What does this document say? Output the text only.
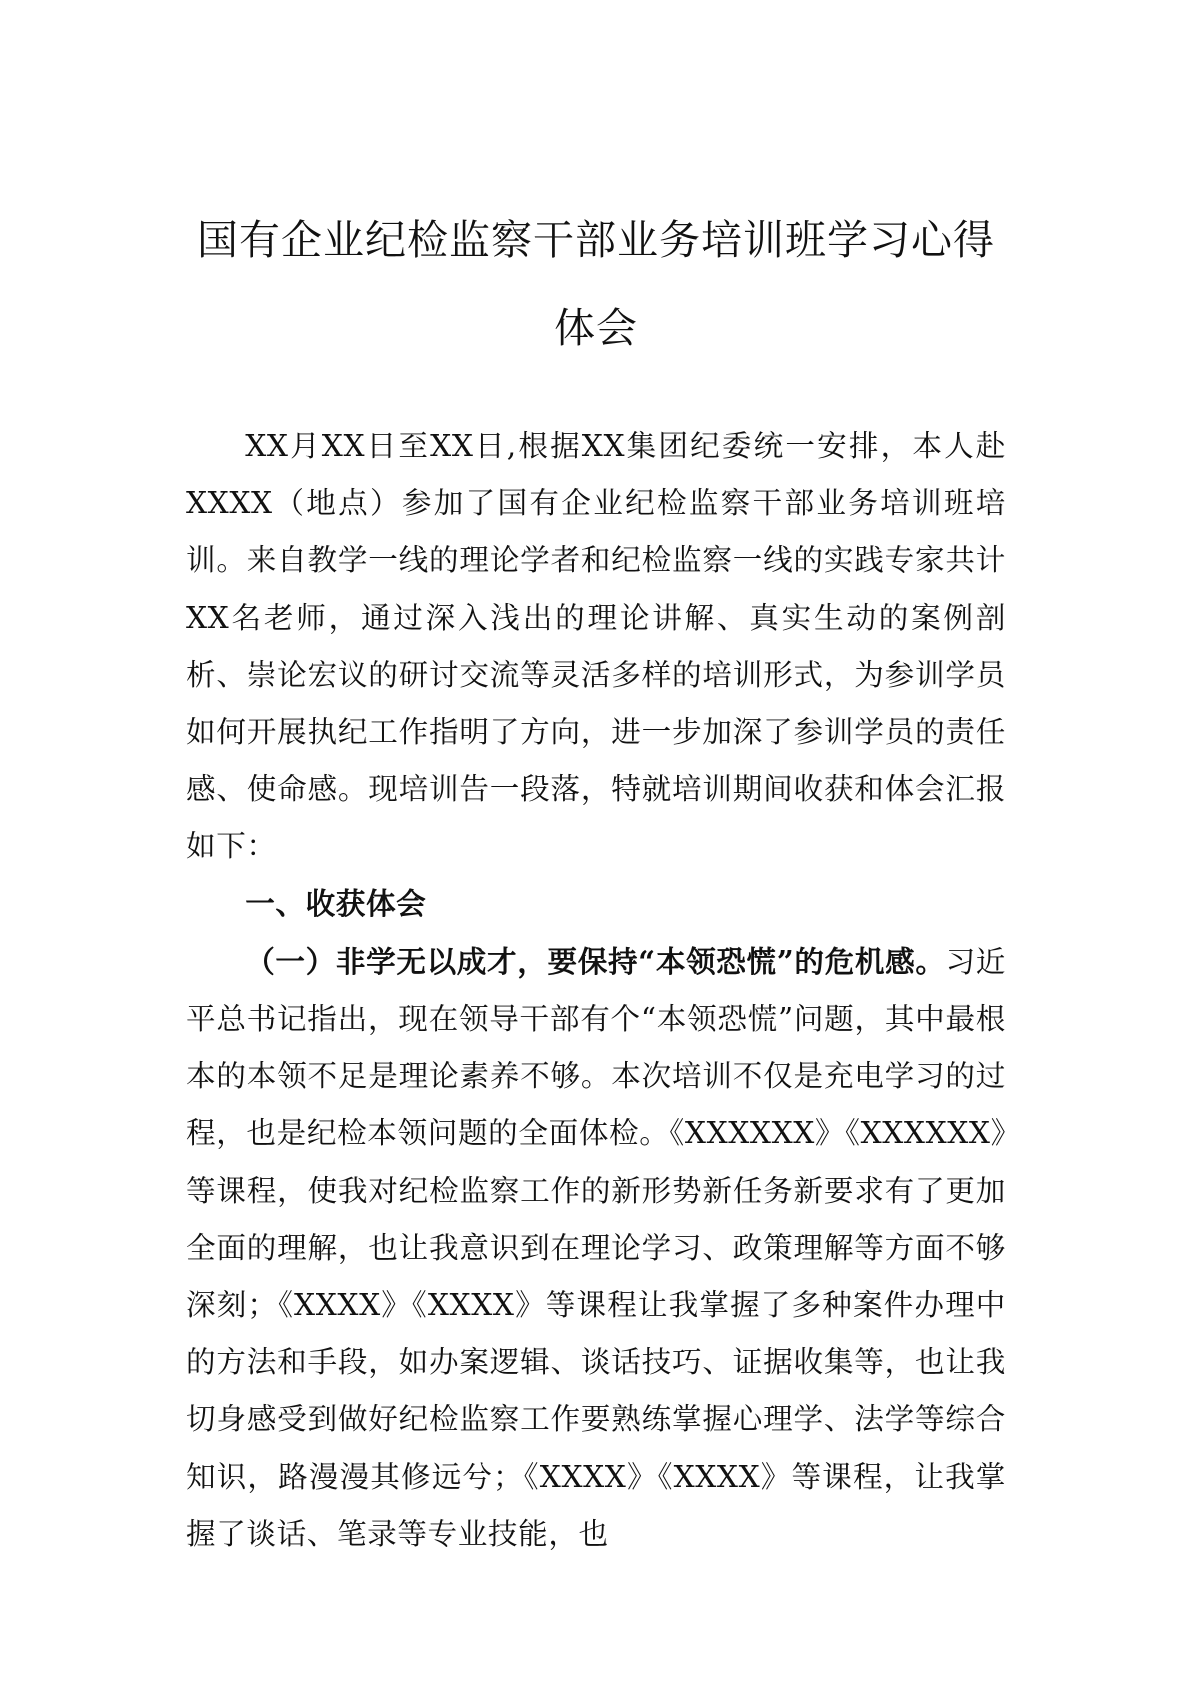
国有企业纪检监察干部业务培训班学习心得体会

XX月XX日至XX日,根据XX集团纪委统一安排，本人赴XXXX（地点）参加了国有企业纪检监察干部业务培训班培训。来自教学一线的理论学者和纪检监察一线的实践专家共计XX名老师，通过深入浅出的理论讲解、真实生动的案例剖析、崇论宏议的研讨交流等灵活多样的培训形式，为参训学员如何开展执纪工作指明了方向，进一步加深了参训学员的责任感、使命感。现培训告一段落，特就培训期间收获和体会汇报如下：

一、收获体会

（一）非学无以成才，要保持“本领恐慌”的危机感。习近平总书记指出，现在领导干部有个“本领恐慌”问题，其中最根本的本领不足是理论素养不够。本次培训不仅是充电学习的过程，也是纪检本领问题的全面体检。《XXXXXX》《XXXXXX》等课程，使我对纪检监察工作的新形势新任务新要求有了更加全面的理解，也让我意识到在理论学习、政策理解等方面不够深刻；《XXXX》《XXXX》等课程让我掌握了多种案件办理中的方法和手段，如办案逻辑、谈话技巧、证据收集等，也让我切身感受到做好纪检监察工作要熟练掌握心理学、法学等综合知识，路漫漫其修远兮；《XXXX》《XXXX》等课程，让我掌握了谈话、笔录等专业技能，也
